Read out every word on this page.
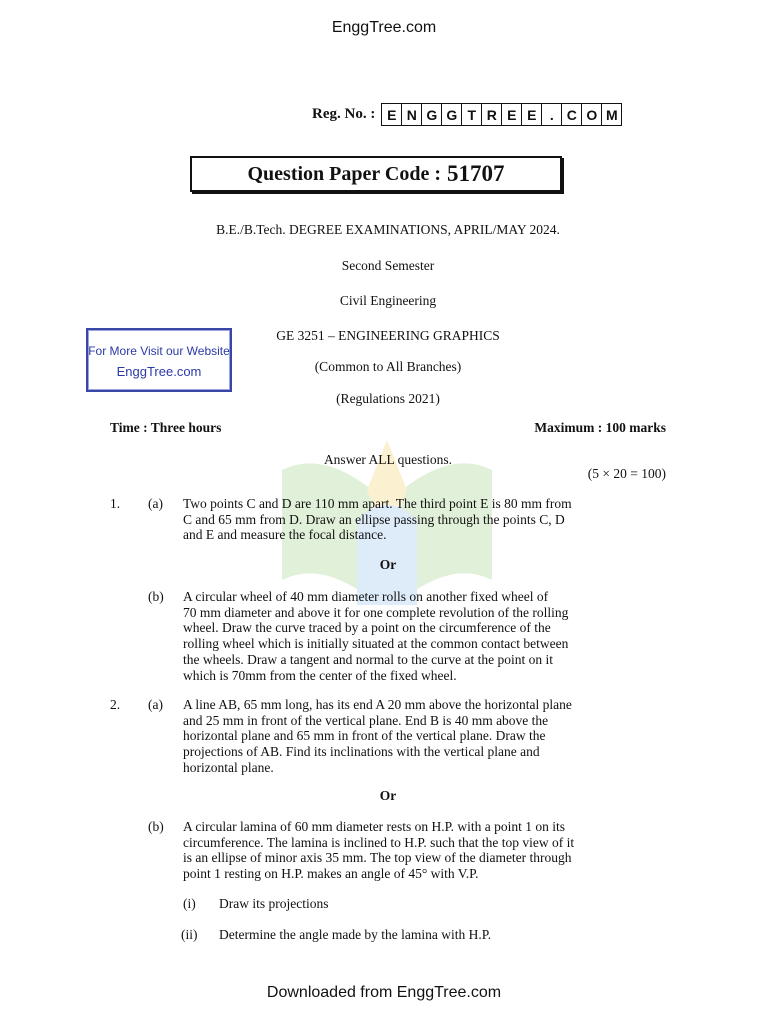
EnggTree.com
Reg. No. : E N G G T R E E . C O M
Question Paper Code : 51707
B.E./B.Tech. DEGREE EXAMINATIONS, APRIL/MAY 2024.
Second Semester
Civil Engineering
GE 3251 – ENGINEERING GRAPHICS
(Common to All Branches)
(Regulations 2021)
For More Visit our Website
EnggTree.com
Time : Three hours	Maximum : 100 marks
Answer ALL questions.
(5 × 20 = 100)
1. (a) Two points C and D are 110 mm apart. The third point E is 80 mm from
C and 65 mm from D. Draw an ellipse passing through the points C, D
and E and measure the focal distance.
Or
(b) A circular wheel of 40 mm diameter rolls on another fixed wheel of
70 mm diameter and above it for one complete revolution of the rolling
wheel. Draw the curve traced by a point on the circumference of the
rolling wheel which is initially situated at the common contact between
the wheels. Draw a tangent and normal to the curve at the point on it
which is 70mm from the center of the fixed wheel.
2. (a) A line AB, 65 mm long, has its end A 20 mm above the horizontal plane
and 25 mm in front of the vertical plane. End B is 40 mm above the
horizontal plane and 65 mm in front of the vertical plane. Draw the
projections of AB. Find its inclinations with the vertical plane and
horizontal plane.
Or
(b) A circular lamina of 60 mm diameter rests on H.P. with a point 1 on its
circumference. The lamina is inclined to H.P. such that the top view of it
is an ellipse of minor axis 35 mm. The top view of the diameter through
point 1 resting on H.P. makes an angle of 45° with V.P.
(i) Draw its projections
(ii) Determine the angle made by the lamina with H.P.
Downloaded from EnggTree.com
